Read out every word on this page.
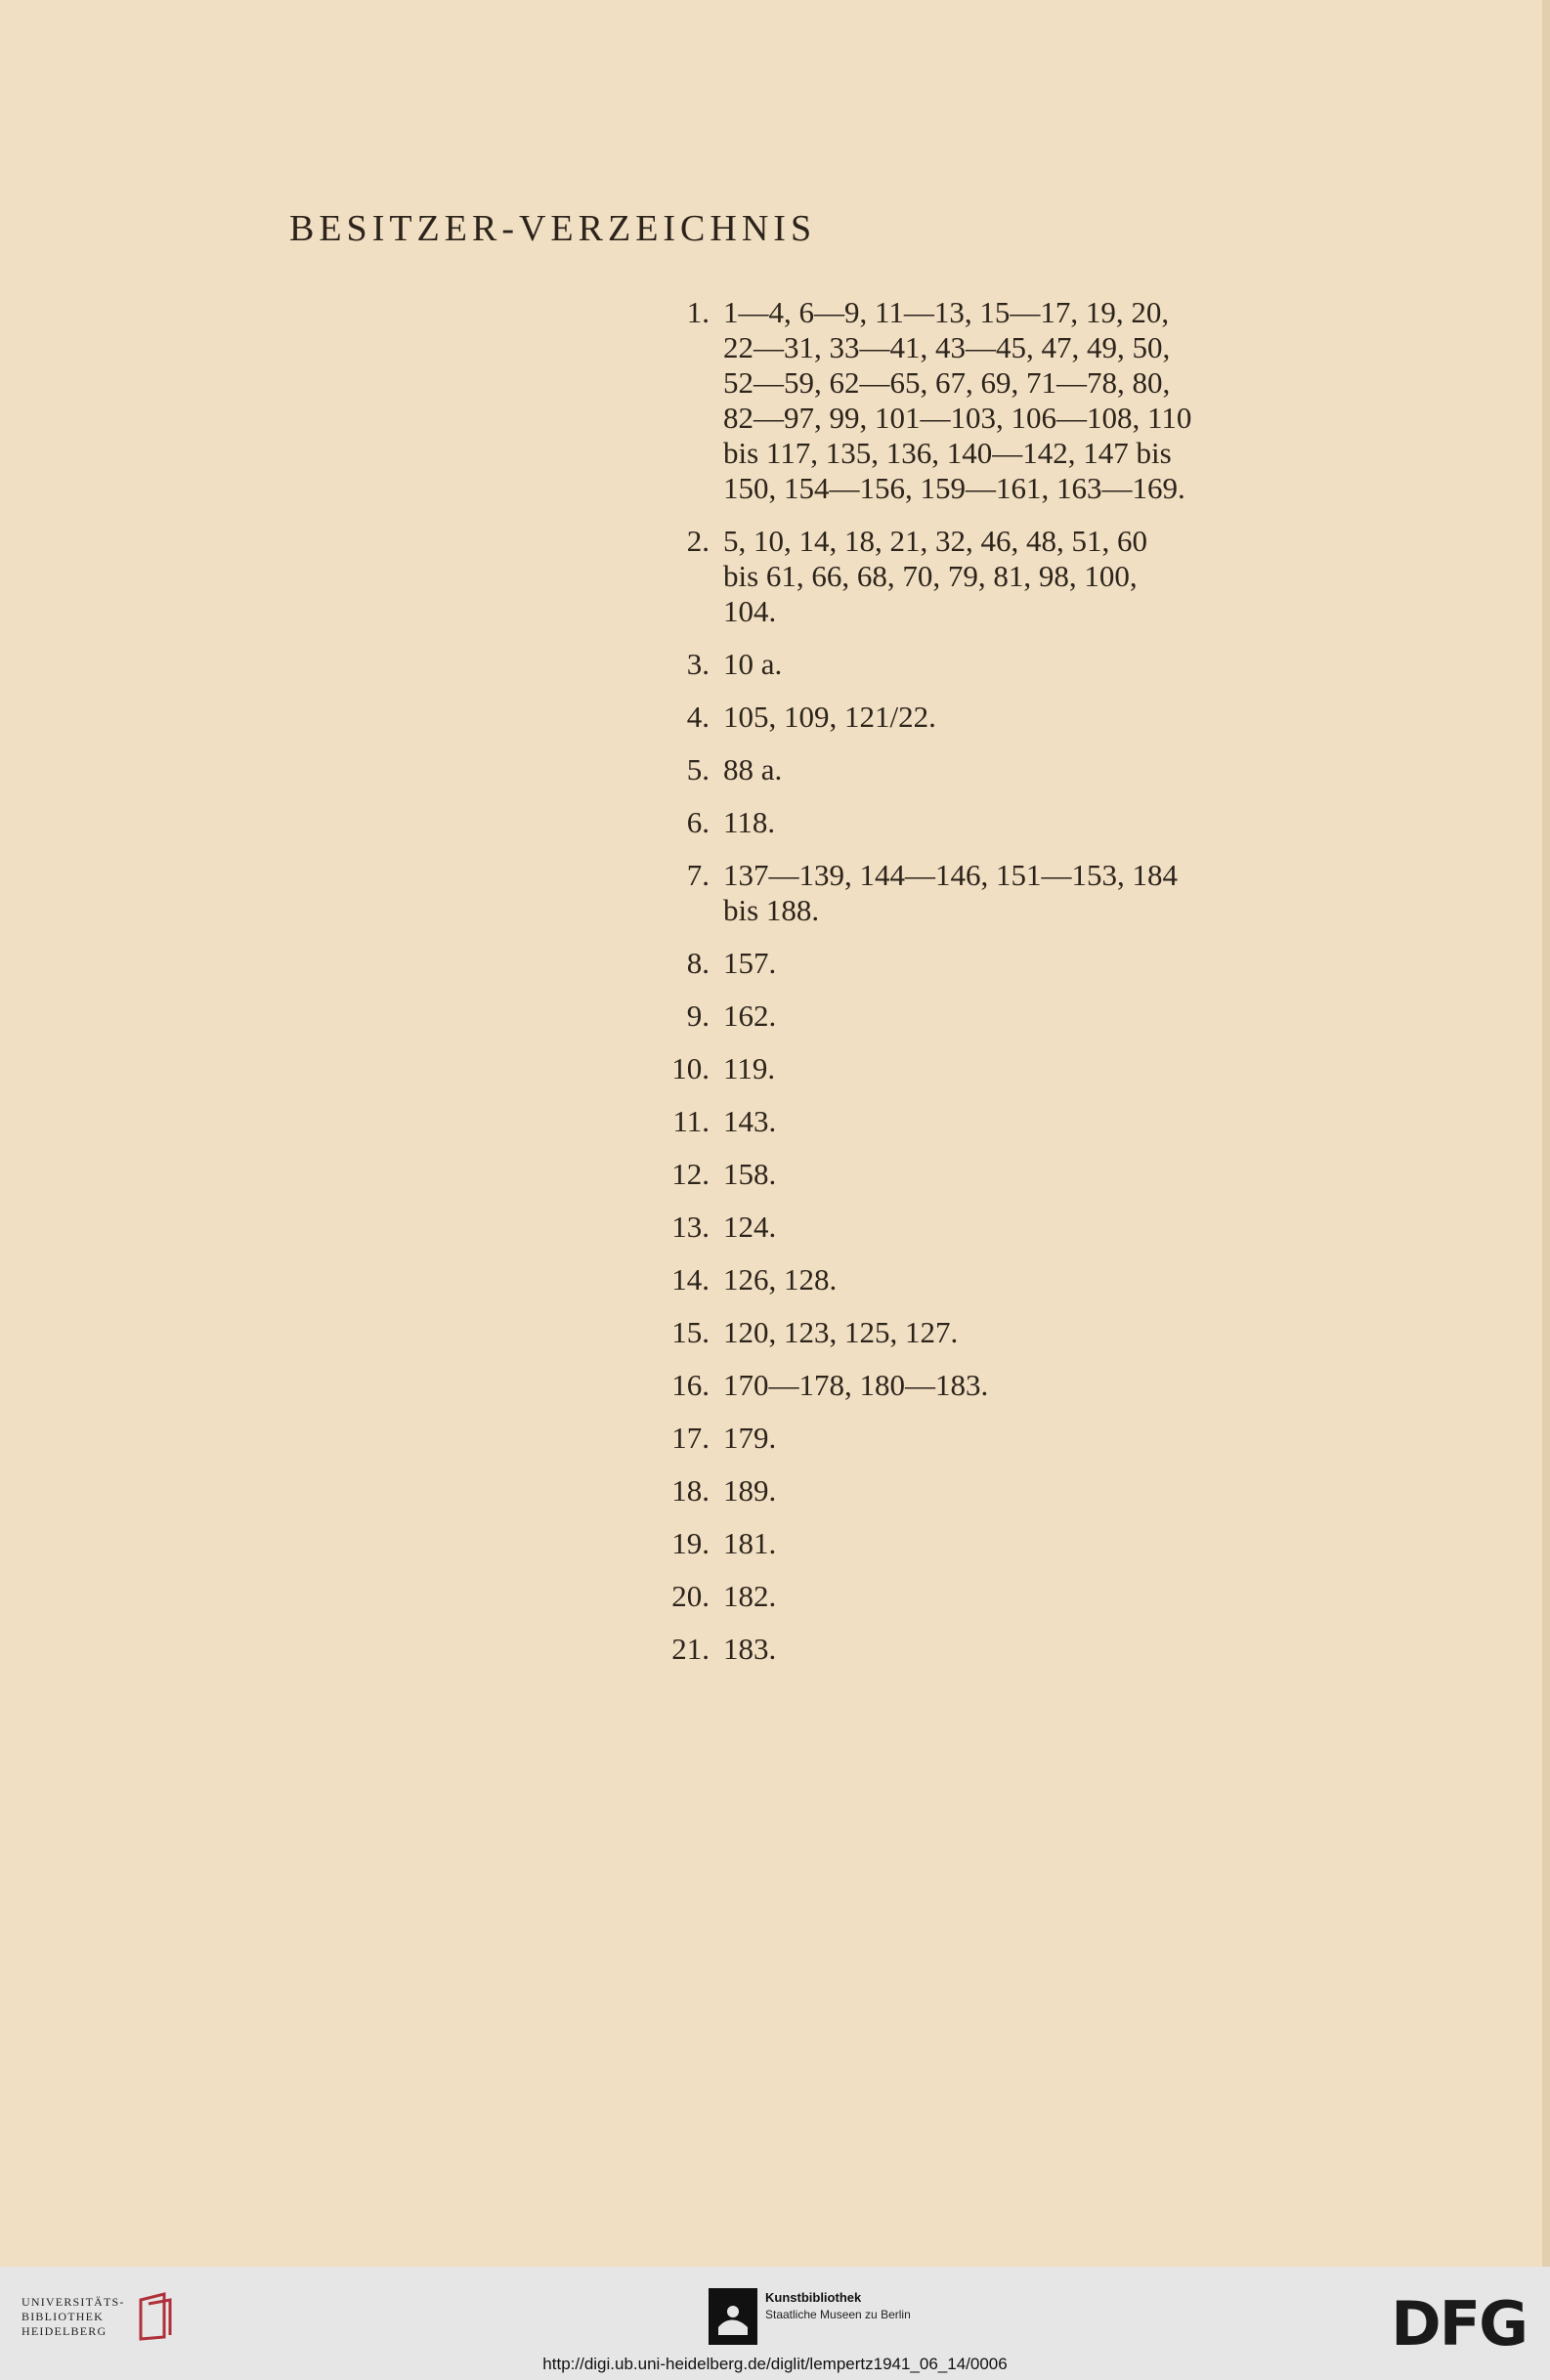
BESITZER-VERZEICHNIS
1. 1—4, 6—9, 11—13, 15—17, 19, 20,
22—31, 33—41, 43—45, 47, 49, 50,
52—59, 62—65, 67, 69, 71—78, 80,
82—97, 99, 101—103, 106—108, 110
bis 117, 135, 136, 140—142, 147 bis
150, 154—156, 159—161, 163—169.
2. 5, 10, 14, 18, 21, 32, 46, 48, 51, 60
bis 61, 66, 68, 70, 79, 81, 98, 100,
104.
3. 10 a.
4. 105, 109, 121/22.
5. 88 a.
6. 118.
7. 137—139, 144—146, 151—153, 184
bis 188.
8. 157.
9. 162.
10. 119.
11. 143.
12. 158.
13. 124.
14. 126, 128.
15. 120, 123, 125, 127.
16. 170—178, 180—183.
17. 179.
18. 189.
19. 181.
20. 182.
21. 183.
UNIVERSITÄTS-
BIBLIOTHEK
HEIDELBERG
Kunstbibliothek
Staatliche Museen zu Berlin	DFG
http://digi.ub.uni-heidelberg.de/diglit/lempertz1941_06_14/0006
